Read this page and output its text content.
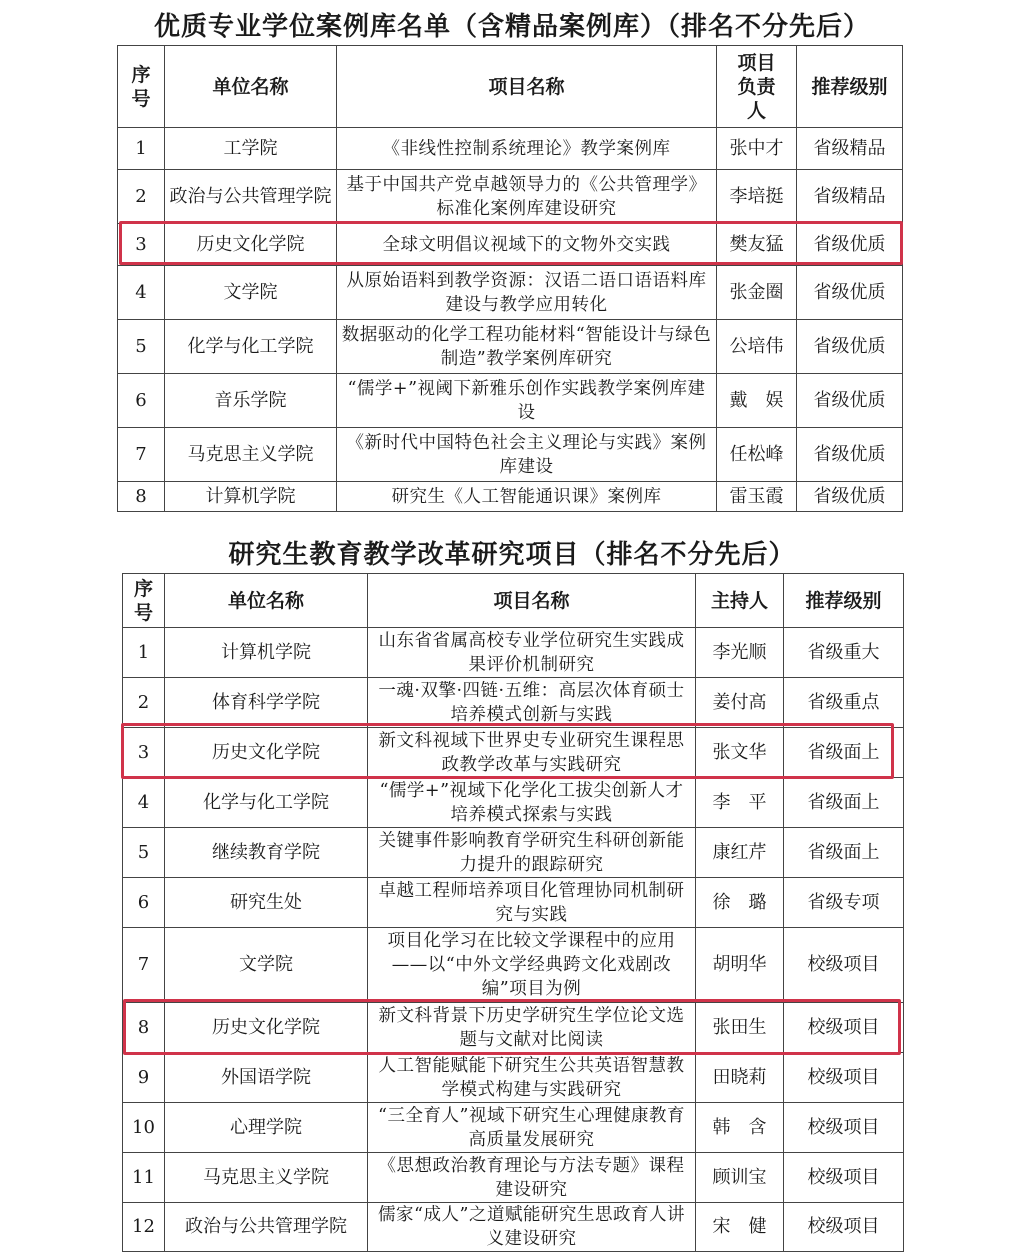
优质专业学位案例库名单（含精品案例库）（排名不分先后）
序号	单位名称	项目名称	项目负责人	推荐级别
1	工学院	《非线性控制系统理论》教学案例库	张中才	省级精品
2	政治与公共管理学院	基于中国共产党卓越领导力的《公共管理学》标准化案例库建设研究	李培挺	省级精品
3	历史文化学院	全球文明倡议视域下的文物外交实践	樊友猛	省级优质
4	文学院	从原始语料到教学资源：汉语二语口语语料库建设与教学应用转化	张金圈	省级优质
5	化学与化工学院	数据驱动的化学工程功能材料“智能设计与绿色制造”教学案例库研究	公培伟	省级优质
6	音乐学院	“儒学+”视阈下新雅乐创作实践教学案例库建设	戴　娱	省级优质
7	马克思主义学院	《新时代中国特色社会主义理论与实践》案例库建设	任松峰	省级优质
8	计算机学院	研究生《人工智能通识课》案例库	雷玉霞	省级优质
研究生教育教学改革研究项目（排名不分先后）
序号	单位名称	项目名称	主持人	推荐级别
1	计算机学院	山东省省属高校专业学位研究生实践成果评价机制研究	李光顺	省级重大
2	体育科学学院	一魂·双擎·四链·五维：高层次体育硕士培养模式创新与实践	姜付高	省级重点
3	历史文化学院	新文科视域下世界史专业研究生课程思政教学改革与实践研究	张文华	省级面上
4	化学与化工学院	“儒学+”视域下化学化工拔尖创新人才培养模式探索与实践	李　平	省级面上
5	继续教育学院	关键事件影响教育学研究生科研创新能力提升的跟踪研究	康红芹	省级面上
6	研究生处	卓越工程师培养项目化管理协同机制研究与实践	徐　璐	省级专项
7	文学院	项目化学习在比较文学课程中的应用——以“中外文学经典跨文化戏剧改编”项目为例	胡明华	校级项目
8	历史文化学院	新文科背景下历史学研究生学位论文选题与文献对比阅读	张田生	校级项目
9	外国语学院	人工智能赋能下研究生公共英语智慧教学模式构建与实践研究	田晓莉	校级项目
10	心理学院	“三全育人”视域下研究生心理健康教育高质量发展研究	韩　含	校级项目
11	马克思主义学院	《思想政治教育理论与方法专题》课程建设研究	顾训宝	校级项目
12	政治与公共管理学院	儒家“成人”之道赋能研究生思政育人讲义建设研究	宋　健	校级项目
